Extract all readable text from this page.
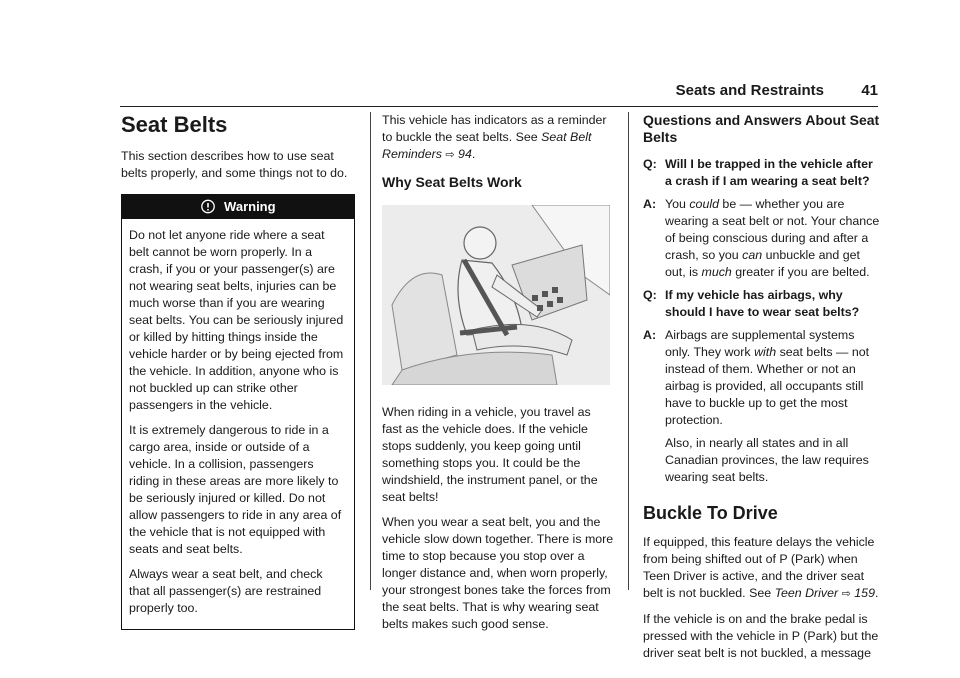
Seats and Restraints 41
Seat Belts

This section describes how to use seat belts properly, and some things not to do.

Warning

Do not let anyone ride where a seat belt cannot be worn properly. In a crash, if you or your passenger(s) are not wearing seat belts, injuries can be much worse than if you are wearing seat belts. You can be seriously injured or killed by hitting things inside the vehicle harder or by being ejected from the vehicle. In addition, anyone who is not buckled up can strike other passengers in the vehicle.

It is extremely dangerous to ride in a cargo area, inside or outside of a vehicle. In a collision, passengers riding in these areas are more likely to be seriously injured or killed. Do not allow passengers to ride in any area of the vehicle that is not equipped with seats and seat belts.

Always wear a seat belt, and check that all passenger(s) are restrained properly too.

This vehicle has indicators as a reminder to buckle the seat belts. See Seat Belt Reminders ⇨ 94.

Why Seat Belts Work

When riding in a vehicle, you travel as fast as the vehicle does. If the vehicle stops suddenly, you keep going until something stops you. It could be the windshield, the instrument panel, or the seat belts!

When you wear a seat belt, you and the vehicle slow down together. There is more time to stop because you stop over a longer distance and, when worn properly, your strongest bones take the forces from the seat belts. That is why wearing seat belts makes such good sense.

Questions and Answers About Seat Belts
Q: Will I be trapped in the vehicle after a crash if I am wearing a seat belt?
A: You could be — whether you are wearing a seat belt or not. Your chance of being conscious during and after a crash, so you can unbuckle and get out, is much greater if you are belted.
Q: If my vehicle has airbags, why should I have to wear seat belts?
A: Airbags are supplemental systems only. They work with seat belts — not instead of them. Whether or not an airbag is provided, all occupants still have to buckle up to get the most protection.

Also, in nearly all states and in all Canadian provinces, the law requires wearing seat belts.

Buckle To Drive

If equipped, this feature delays the vehicle from being shifted out of P (Park) when Teen Driver is active, and the driver seat belt is not buckled. See Teen Driver ⇨ 159.

If the vehicle is on and the brake pedal is pressed with the vehicle in P (Park) but the driver seat belt is not buckled, a message
